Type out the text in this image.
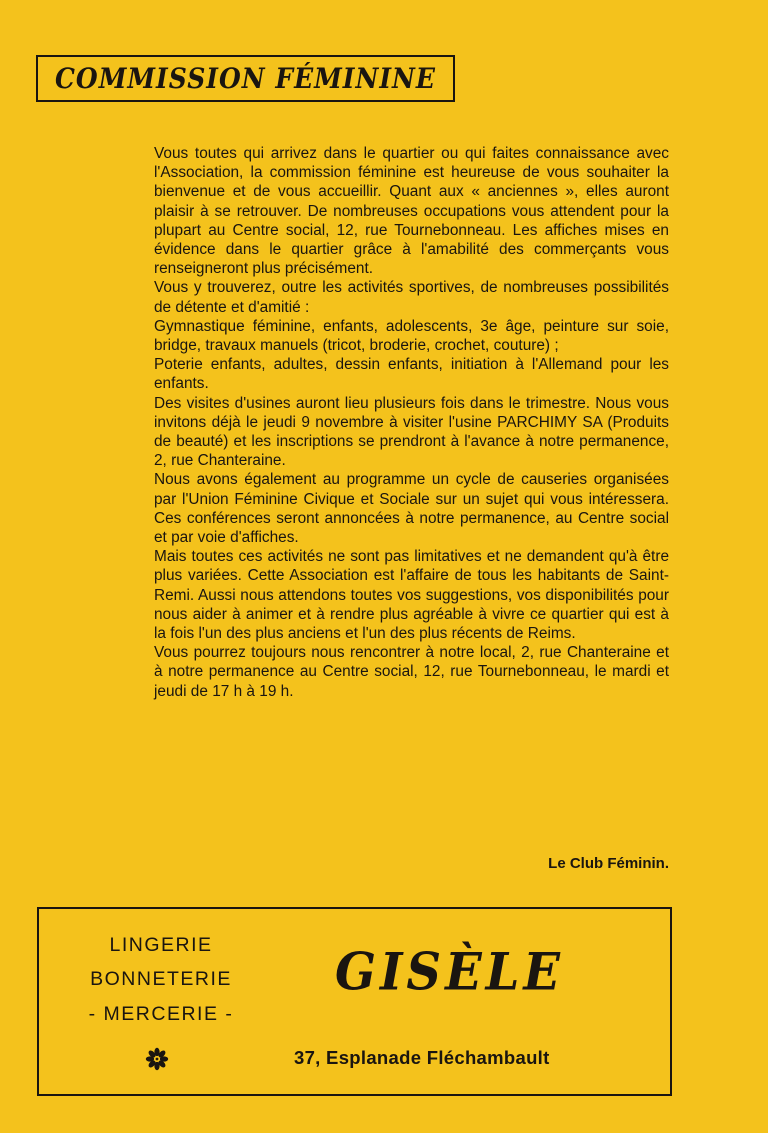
COMMISSION FÉMININE

Vous toutes qui arrivez dans le quartier ou qui faites connaissance avec l'Association, la commission féminine est heureuse de vous souhaiter la bienvenue et de vous accueillir. Quant aux « anciennes », elles auront plaisir à se retrouver. De nombreuses occupations vous attendent pour la plupart au Centre social, 12, rue Tournebonneau. Les affiches mises en évidence dans le quartier grâce à l'amabilité des commerçants vous renseigneront plus précisément.

Vous y trouverez, outre les activités sportives, de nombreuses possibilités de détente et d'amitié :

Gymnastique féminine, enfants, adolescents, 3e âge, peinture sur soie, bridge, travaux manuels (tricot, broderie, crochet, couture) ;

Poterie enfants, adultes, dessin enfants, initiation à l'Allemand pour les enfants.

Des visites d'usines auront lieu plusieurs fois dans le trimestre. Nous vous invitons déjà le jeudi 9 novembre à visiter l'usine PARCHIMY SA (Produits de beauté) et les inscriptions se prendront à l'avance à notre permanence, 2, rue Chanteraine.

Nous avons également au programme un cycle de causeries organisées par l'Union Féminine Civique et Sociale sur un sujet qui vous intéressera. Ces conférences seront annoncées à notre permanence, au Centre social et par voie d'affiches.

Mais toutes ces activités ne sont pas limitatives et ne demandent qu'à être plus variées. Cette Association est l'affaire de tous les habitants de Saint-Remi. Aussi nous attendons toutes vos suggestions, vos disponibilités pour nous aider à animer et à rendre plus agréable à vivre ce quartier qui est à la fois l'un des plus anciens et l'un des plus récents de Reims.

Vous pourrez toujours nous rencontrer à notre local, 2, rue Chanteraine et à notre permanence au Centre social, 12, rue Tournebonneau, le mardi et jeudi de 17 h à 19 h.

Le Club Féminin.
LINGERIE
BONNETERIE
- MERCERIE -
GISÈLE
37, Esplanade Fléchambault
